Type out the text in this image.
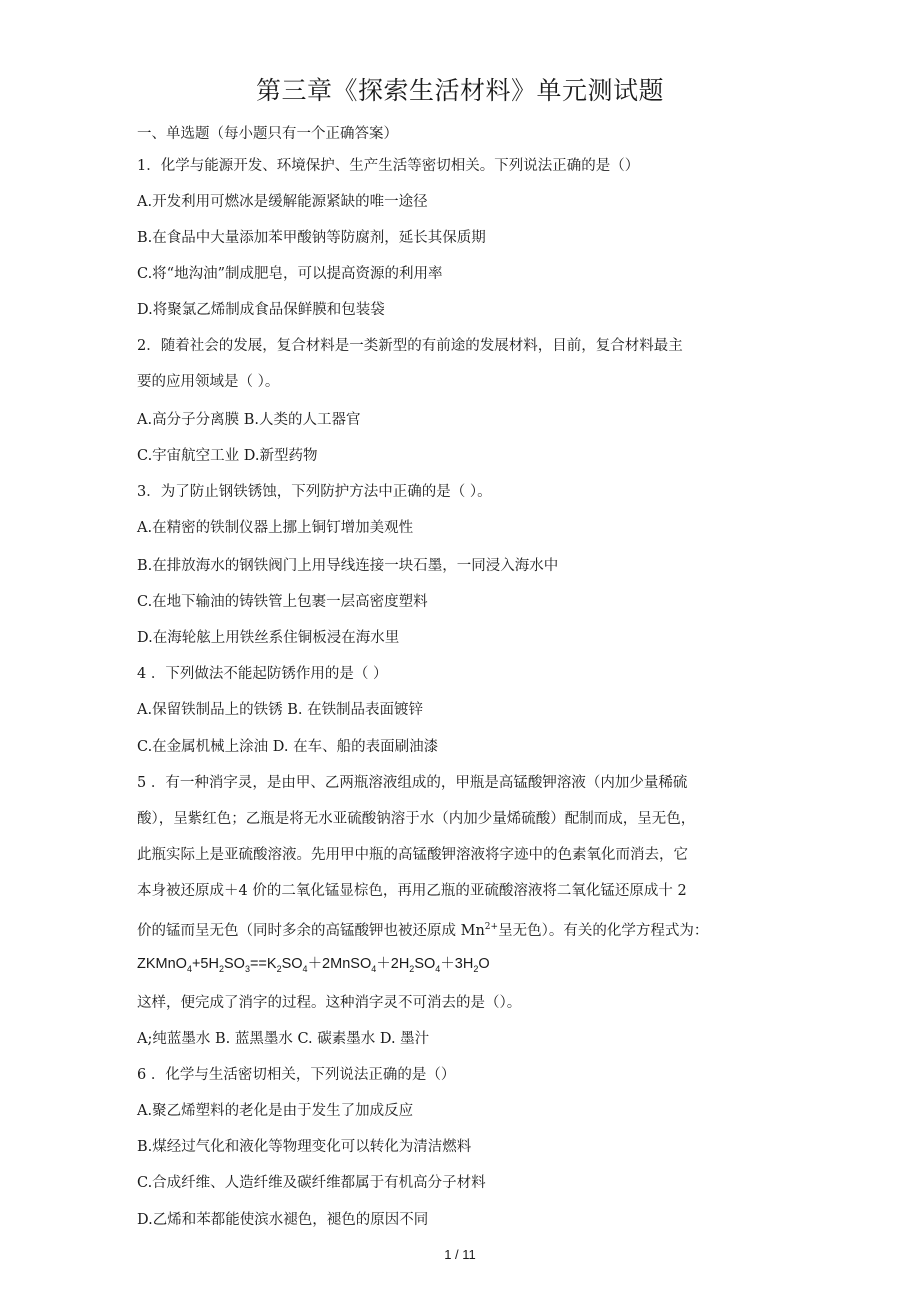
第三章《探索生活材料》单元测试题
一、单选题（每小题只有一个正确答案）
1．化学与能源开发、环境保护、生产生活等密切相关。下列说法正确的是（）
A.开发利用可燃冰是缓解能源紧缺的唯一途径
B.在食品中大量添加苯甲酸钠等防腐剂，延长其保质期
C.将“地沟油”制成肥皂，可以提高资源的利用率
D.将聚氯乙烯制成食品保鲜膜和包装袋
2．随着社会的发展，复合材料是一类新型的有前途的发展材料，目前，复合材料最主
要的应用领域是（ ）。
A.高分子分离膜 B.人类的人工器官
C.宇宙航空工业 D.新型药物
3．为了防止钢铁锈蚀，下列防护方法中正确的是（ ）。
A.在精密的铁制仪器上挪上铜钉增加美观性
B.在排放海水的钢铁阀门上用导线连接一块石墨，一同浸入海水中
C.在地下输油的铸铁管上包裹一层高密度塑料
D.在海轮舷上用铁丝系住铜板浸在海水里
4 ．下列做法不能起防锈作用的是（ ）
A.保留铁制品上的铁锈 B. 在铁制品表面镀锌
C.在金属机械上涂油 D. 在车、船的表面刷油漆
5 ．有一种消字灵，是由甲、乙两瓶溶液组成的，甲瓶是高锰酸钾溶液（内加少量稀硫
酸），呈紫红色；乙瓶是将无水亚硫酸钠溶于水（内加少量烯硫酸）配制而成，呈无色，
此瓶实际上是亚硫酸溶液。先用甲中瓶的高锰酸钾溶液将字迹中的色素氧化而消去，它
本身被还原成＋4 价的二氧化锰显棕色，再用乙瓶的亚硫酸溶液将二氧化锰还原成十 2
价的锰而呈无色（同时多余的高锰酸钾也被还原成 $Mn^{2+}$呈无色）。有关的化学方程式为：
$ZKMnO_4+5H_2SO_3==K_2SO_4+2MnSO_4+2H_2SO_4+3H_2O$
这样，便完成了消字的过程。这种消字灵不可消去的是（）。
A;纯蓝墨水 B. 蓝黑墨水 C. 碳素墨水 D. 墨汁
6 ．化学与生活密切相关，下列说法正确的是（）
A.聚乙烯塑料的老化是由于发生了加成反应
B.煤经过气化和液化等物理变化可以转化为清洁燃料
C.合成纤维、人造纤维及碳纤维都属于有机高分子材料
D.乙烯和苯都能使滨水褪色，褪色的原因不同
1 / 11
